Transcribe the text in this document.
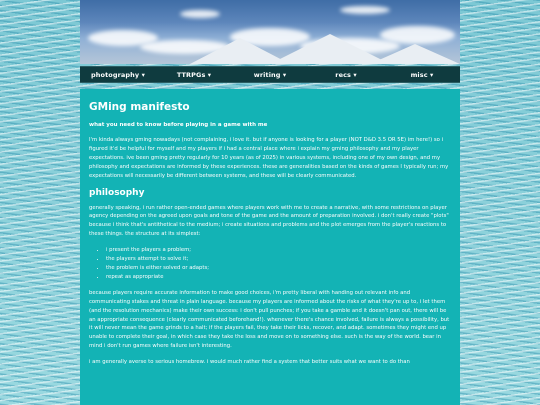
photography ▾	TTRPGs ▾	writing ▾	recs ▾	misc ▾
GMing manifesto
what you need to know before playing in a game with me

I'm kinda always gming nowadays (not complaining, i love it. but if anyone is looking for a player (NOT D&D 3.5 OR 5E) im here!) so i figured it'd be helpful for myself and my players if i had a central place where i explain my gming philosophy and my player expectations. ive been gming pretty regularly for 10 years (as of 2025) in various systems, including one of my own design, and my philosophy and expectations are informed by these experiences. these are generalities based on the kinds of games I typically run; my expectations will necessarily be different between systems, and these will be clearly communicated.

philosophy

generally speaking, i run rather open-ended games where players work with me to create a narrative, with some restrictions on player agency depending on the agreed upon goals and tone of the game and the amount of preparation involved. i don't really create "plots" because i think that's antithetical to the medium; i create situations and problems and the plot emerges from the player's reactions to these things. the structure at its simplest:

• i present the players a problem;
• the players attempt to solve it;
• the problem is either solved or adapts;
• repeat as appropriate

because players require accurate information to make good choices, i'm pretty liberal with handing out relevant info and communicating stakes and threat in plain language. because my players are informed about the risks of what they're up to, i let them (and the resolution mechanics) make their own success: i don't pull punches; if you take a gamble and it doesn't pan out, there will be an appropriate consequence (clearly communicated beforehand!). whenever there's chance involved, failure is always a possibility, but it will never mean the game grinds to a halt; if the players fail, they take their licks, recover, and adapt. sometimes they might end up unable to complete their goal, in which case they take the loss and move on to something else. such is the way of the world. bear in mind i don't run games where failure isn't interesting.

i am generally averse to serious homebrew. i would much rather find a system that better suits what we want to do than
